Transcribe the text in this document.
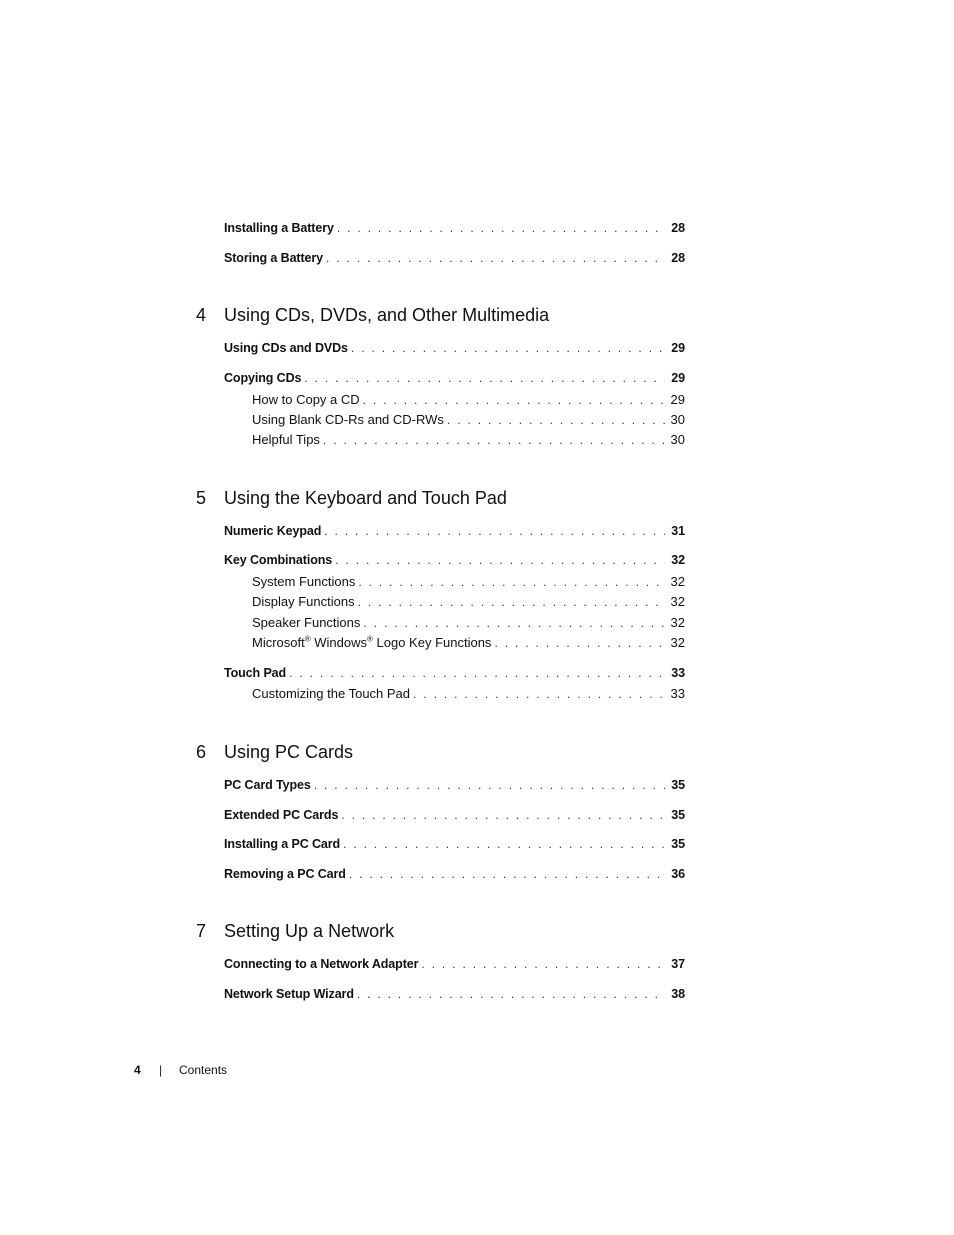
Installing a Battery . . .	28
Storing a Battery . . .	28
4 Using CDs, DVDs, and Other Multimedia
Using CDs and DVDs . . .	29
Copying CDs . . .	29
How to Copy a CD . . .	29
Using Blank CD-Rs and CD-RWs . . .	30
Helpful Tips . . .	30
5 Using the Keyboard and Touch Pad
Numeric Keypad . . .	31
Key Combinations . . .	32
System Functions . . .	32
Display Functions . . .	32
Speaker Functions . . .	32
Microsoft® Windows® Logo Key Functions . . .	32
Touch Pad . . .	33
Customizing the Touch Pad . . .	33
6 Using PC Cards
PC Card Types . . .	35
Extended PC Cards . . .	35
Installing a PC Card . . .	35
Removing a PC Card . . .	36
7 Setting Up a Network
Connecting to a Network Adapter . . .	37
Network Setup Wizard . . .	38
4 | Contents
